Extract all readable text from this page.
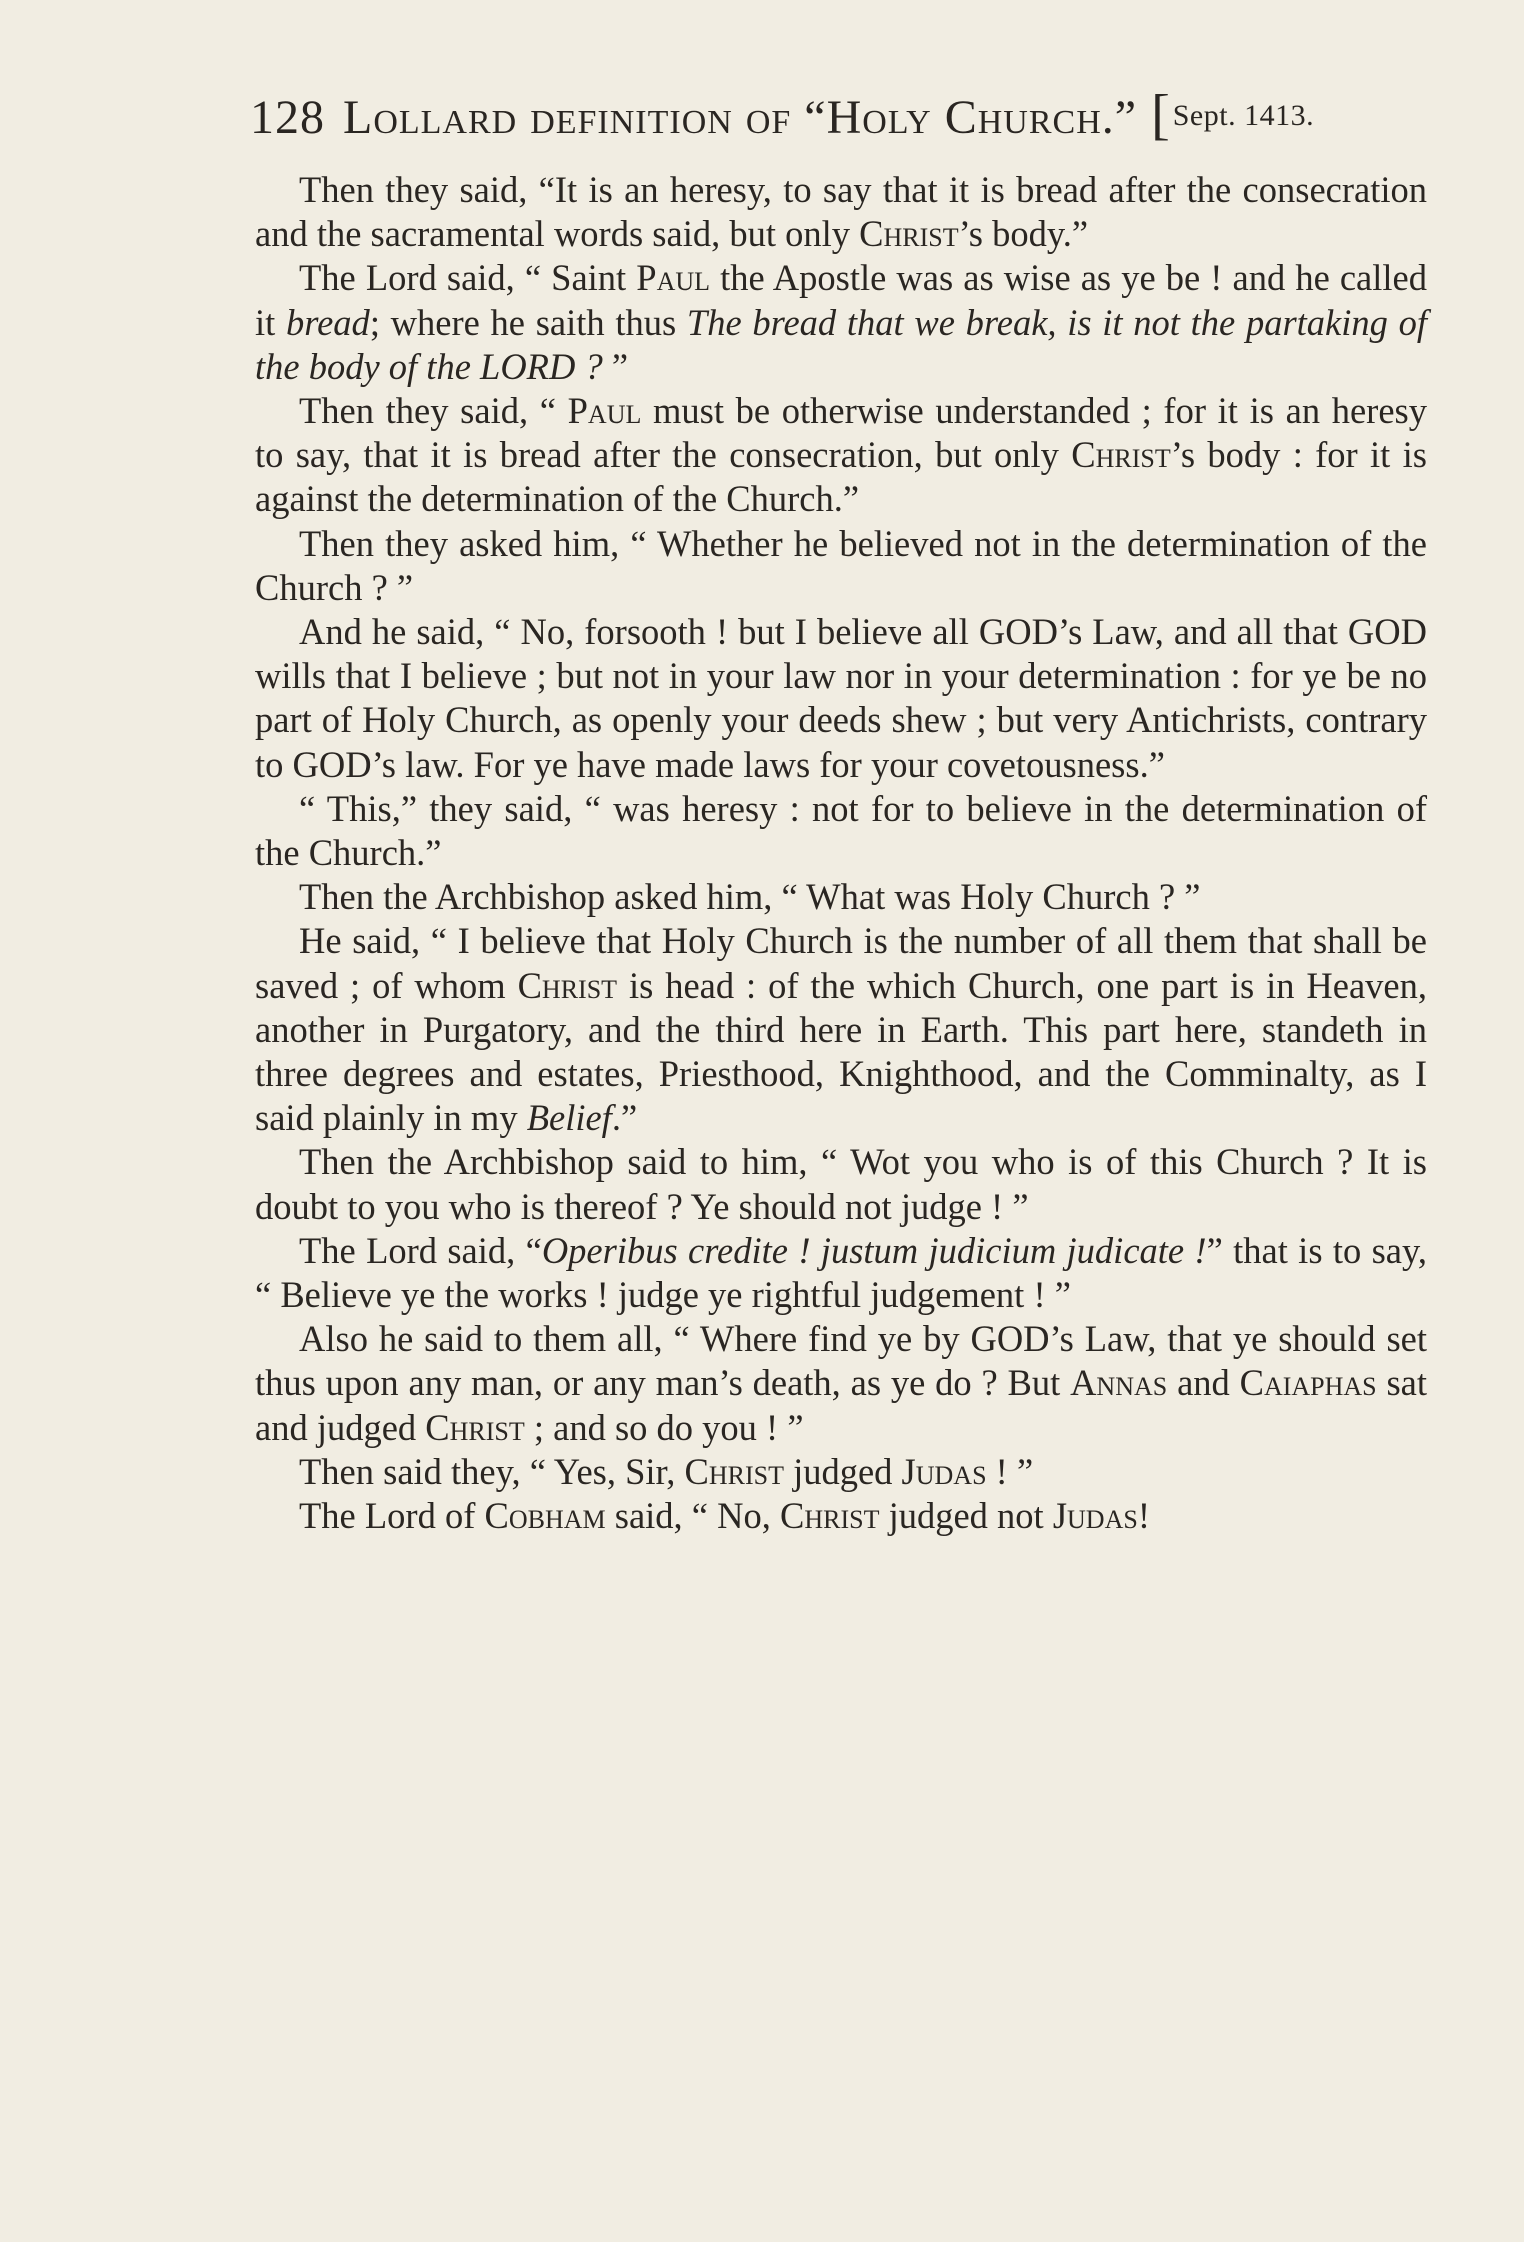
128 Lollard definition of “Holy Church.” [Sept. 1413.

Then they said, “It is an heresy, to say that it is bread after the consecration and the sacramental words said, but only Christ’s body.”

The Lord said, “ Saint Paul the Apostle was as wise as ye be ! and he called it bread; where he saith thus The bread that we break, is it not the partaking of the body of the LORD ? ”

Then they said, “ Paul must be otherwise understanded ; for it is an heresy to say, that it is bread after the consecration, but only Christ’s body : for it is against the determination of the Church.”

Then they asked him, “ Whether he believed not in the determination of the Church ? ”

And he said, “ No, forsooth ! but I believe all GOD’s Law, and all that GOD wills that I believe ; but not in your law nor in your determination : for ye be no part of Holy Church, as openly your deeds shew ; but very Antichrists, contrary to GOD’s law. For ye have made laws for your covetousness.”

“ This,” they said, “ was heresy : not for to believe in the determination of the Church.”

Then the Archbishop asked him, “ What was Holy Church ? ”

He said, “ I believe that Holy Church is the number of all them that shall be saved ; of whom Christ is head : of the which Church, one part is in Heaven, another in Purgatory, and the third here in Earth. This part here, standeth in three degrees and estates, Priesthood, Knighthood, and the Comminalty, as I said plainly in my Belief.”

Then the Archbishop said to him, “ Wot you who is of this Church ? It is doubt to you who is thereof ? Ye should not judge ! ”

The Lord said, “Operibus credite ! justum judicium judicate !” that is to say, “ Believe ye the works ! judge ye rightful judgement ! ”

Also he said to them all, “ Where find ye by GOD’s Law, that ye should set thus upon any man, or any man’s death, as ye do ? But Annas and Caiaphas sat and judged Christ ; and so do you ! ”

Then said they, “ Yes, Sir, Christ judged Judas ! ”

The Lord of Cobham said, “ No, Christ judged not Judas!
